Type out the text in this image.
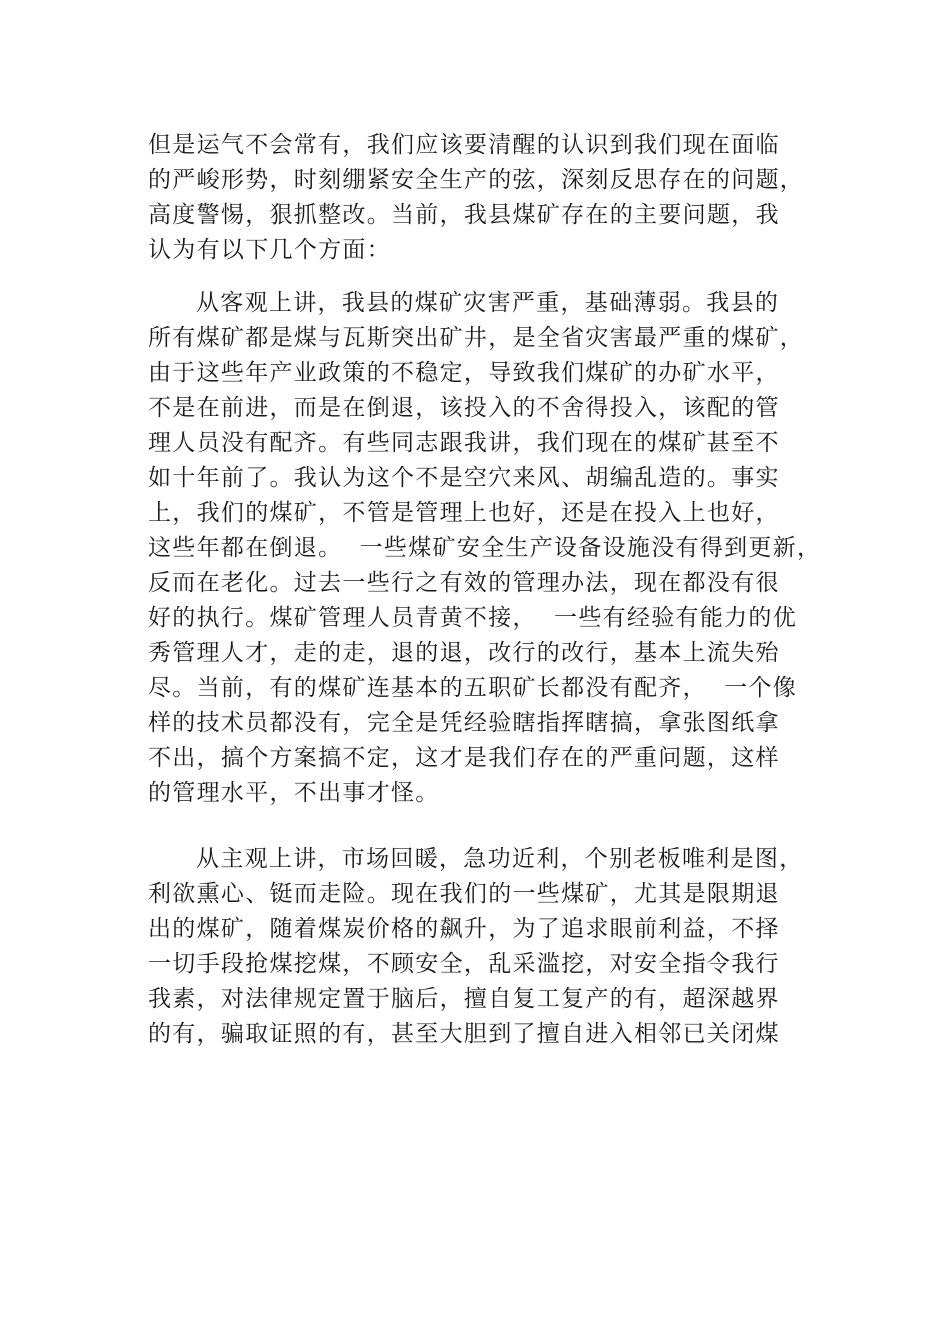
但是运气不会常有，我们应该要清醒的认识到我们现在面临
的严峻形势，时刻绷紧安全生产的弦，深刻反思存在的问题，
高度警惕，狠抓整改。当前，我县煤矿存在的主要问题，我
认为有以下几个方面：
从客观上讲，我县的煤矿灾害严重，基础薄弱。我县的
所有煤矿都是煤与瓦斯突出矿井，是全省灾害最严重的煤矿，
由于这些年产业政策的不稳定，导致我们煤矿的办矿水平，
不是在前进，而是在倒退，该投入的不舍得投入，该配的管
理人员没有配齐。有些同志跟我讲，我们现在的煤矿甚至不
如十年前了。我认为这个不是空穴来风、胡编乱造的。事实
上，我们的煤矿，不管是管理上也好，还是在投入上也好，
这些年都在倒退。  一些煤矿安全生产设备设施没有得到更新，
反而在老化。过去一些行之有效的管理办法，现在都没有很
好的执行。煤矿管理人员青黄不接，  一些有经验有能力的优
秀管理人才，走的走，退的退，改行的改行，基本上流失殆
尽。当前，有的煤矿连基本的五职矿长都没有配齐，  一个像
样的技术员都没有，完全是凭经验瞎指挥瞎搞，拿张图纸拿
不出，搞个方案搞不定，这才是我们存在的严重问题，这样
的管理水平，不出事才怪。
从主观上讲，市场回暖，急功近利，个别老板唯利是图，
利欲熏心、铤而走险。现在我们的一些煤矿，尤其是限期退
出的煤矿，随着煤炭价格的飙升，为了追求眼前利益，不择
一切手段抢煤挖煤，不顾安全，乱采滥挖，对安全指令我行
我素，对法律规定置于脑后，擅自复工复产的有，超深越界
的有，骗取证照的有，甚至大胆到了擅自进入相邻已关闭煤
